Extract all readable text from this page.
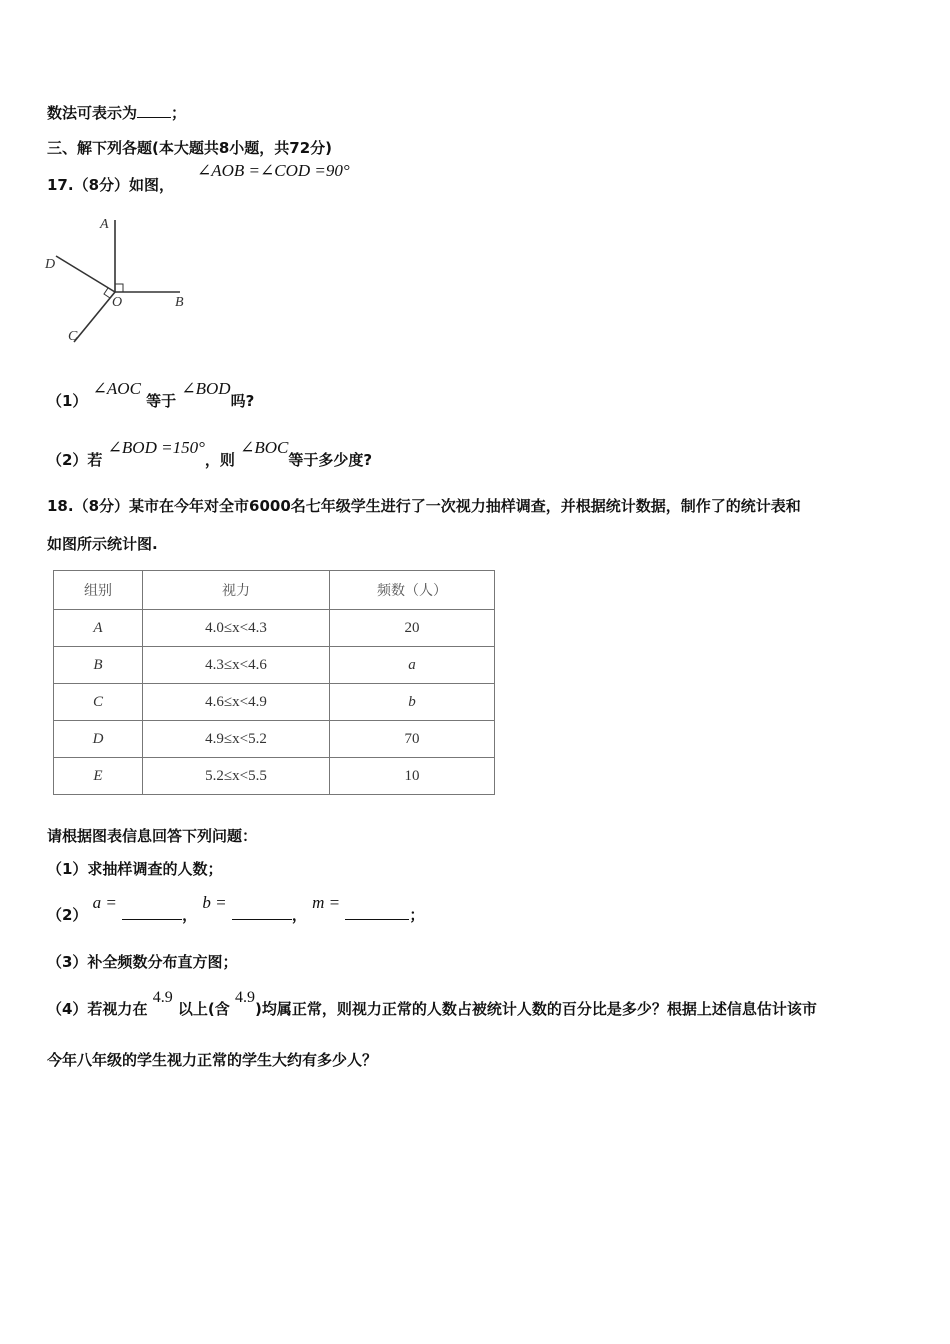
数法可表示为 ；
三、解下列各题(本大题共8小题，共72分)
17.（8分）如图，
∠AOB =∠COD =90°
A
B
C
D
O
（1） ∠AOC 等于 ∠BOD吗?
（2）若 ∠BOD =150°，则 ∠BOC等于多少度?
18.（8分）某市在今年对全市6000名七年级学生进行了一次视力抽样调查，并根据统计数据，制作了的统计表和
如图所示统计图.
组别	视力	频数（人）
A	4.0≤x<4.3	20
B	4.3≤x<4.6	a
C	4.6≤x<4.9	b
D	4.9≤x<5.2	70
E	5.2≤x<5.5	10
请根据图表信息回答下列问题：
（1）求抽样调查的人数；
（2） a = ， b = ， m = ；
（3）补全频数分布直方图；
（4）若视力在 4.9 以上(含 4.9)均属正常，则视力正常的人数占被统计人数的百分比是多少？根据上述信息估计该市
今年八年级的学生视力正常的学生大约有多少人？
